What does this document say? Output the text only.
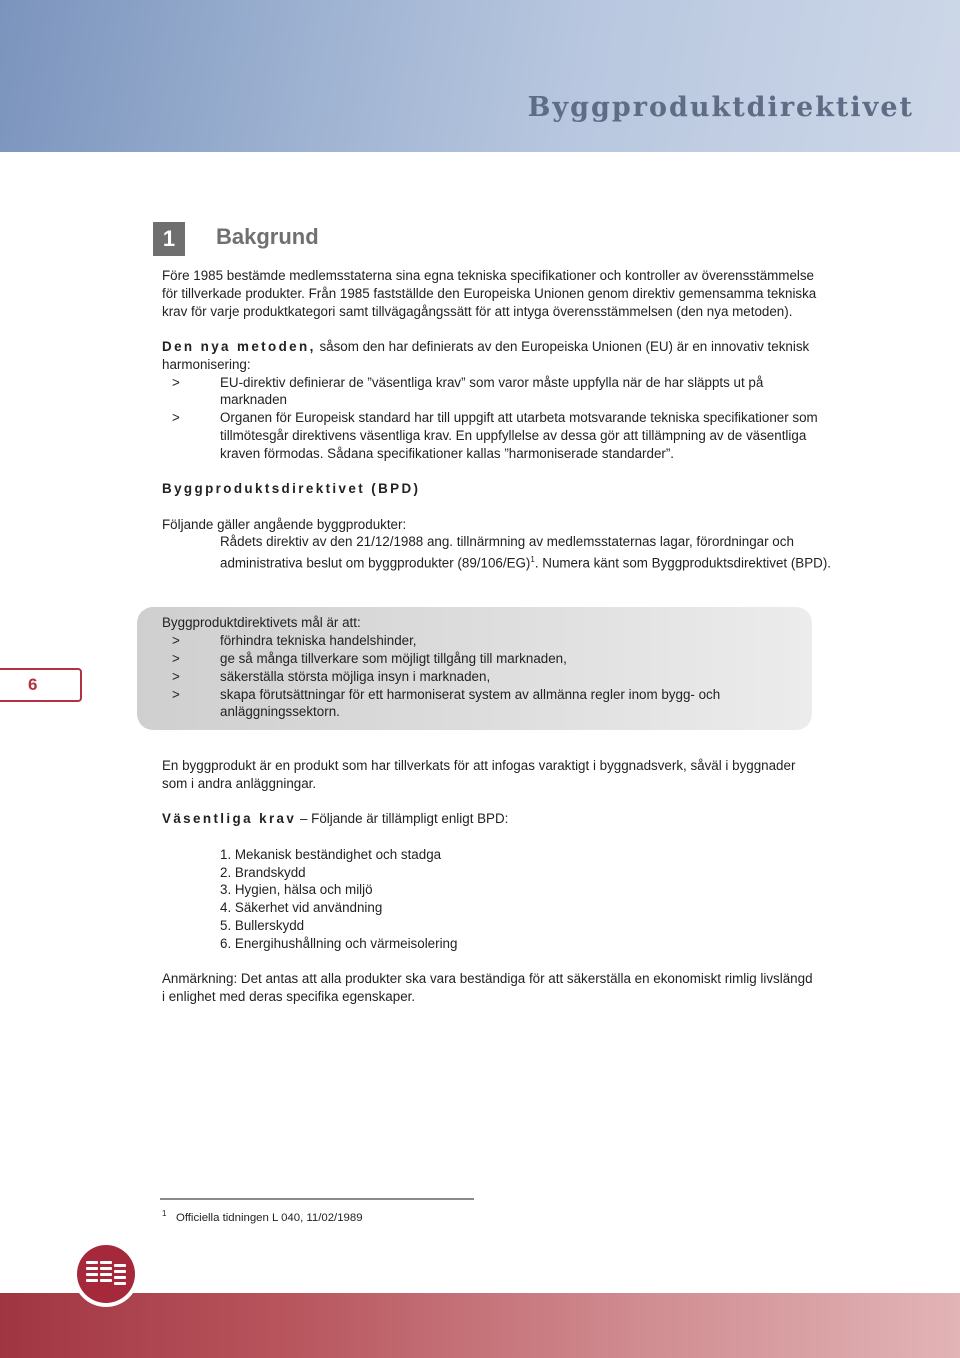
Byggproduktdirektivet
1	Bakgrund

Före 1985 bestämde medlemsstaterna sina egna tekniska specifikationer och kontroller av överensstämmelse

för tillverkade produkter. Från 1985 fastställde den Europeiska Unionen genom direktiv gemensamma tekniska

krav för varje produktkategori samt tillvägagångssätt för att intyga överensstämmelsen (den nya metoden).

Den nya metoden, såsom den har definierats av den Europeiska Unionen (EU) är en innovativ teknisk

harmonisering:

>	EU-direktiv definierar de ”väsentliga krav” som varor måste uppfylla när de har släppts ut på

marknaden

>	Organen för Europeisk standard har till uppgift att utarbeta motsvarande tekniska specifikationer som

tillmötesgår direktivens väsentliga krav. En uppfyllelse av dessa gör att tillämpning av de väsentliga

kraven förmodas. Sådana specifikationer kallas ”harmoniserade standarder”.

Byggproduktsdirektivet (BPD)

Följande gäller angående byggprodukter:

Rådets direktiv av den 21/12/1988 ang. tillnärmning av medlemsstaternas lagar, förordningar och

administrativa beslut om byggprodukter $(89/106/EG)^1$. Numera känt som Byggproduktsdirektivet (BPD).

Byggproduktdirektivets mål är att:

>	förhindra tekniska handelshinder,

>	ge så många tillverkare som möjligt tillgång till marknaden,

>	säkerställa största möjliga insyn i marknaden,

>	skapa förutsättningar för ett harmoniserat system av allmänna regler inom bygg- och

anläggningssektorn.

En byggprodukt är en produkt som har tillverkats för att infogas varaktigt i byggnadsverk, såväl i byggnader

som i andra anläggningar.

Väsentliga krav – Följande är tillämpligt enligt BPD:

1. Mekanisk beständighet och stadga

2. Brandskydd

3. Hygien, hälsa och miljö

4. Säkerhet vid användning

5. Bullerskydd

6. Energihushållning och värmeisolering

Anmärkning: Det antas att alla produkter ska vara beständiga för att säkerställa en ekonomiskt rimlig livslängd

i enlighet med deras specifika egenskaper.

6
$^1$ Officiella tidningen L 040, 11/02/1989
